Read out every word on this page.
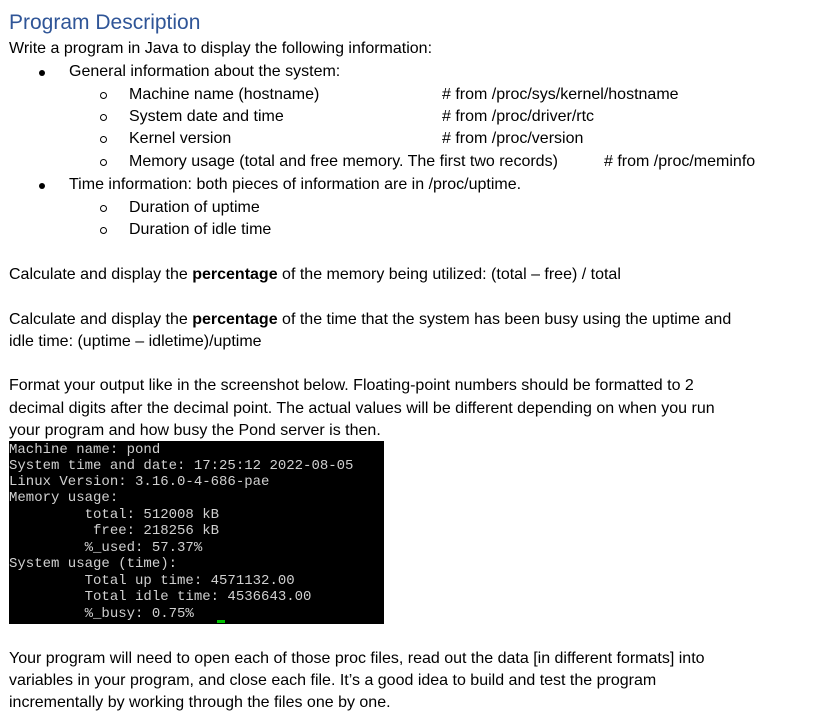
Program Description
Write a program in Java to display the following information:
General information about the system:
Machine name (hostname)	# from /proc/sys/kernel/hostname
System date and time	# from /proc/driver/rtc
Kernel version	# from /proc/version
Memory usage (total and free memory. The first two records)	# from /proc/meminfo
Time information: both pieces of information are in /proc/uptime.
Duration of uptime
Duration of idle time
Calculate and display the percentage of the memory being utilized: (total – free) / total
Calculate and display the percentage of the time that the system has been busy using the uptime and
idle time: (uptime – idletime)/uptime
Format your output like in the screenshot below. Floating-point numbers should be formatted to 2
decimal digits after the decimal point. The actual values will be different depending on when you run
your program and how busy the Pond server is then.
Machine name: pond
System time and date: 17:25:12 2022-08-05
Linux Version: 3.16.0-4-686-pae
Memory usage:
total: 512008 kB
free: 218256 kB
%_used: 57.37%
System usage (time):
Total up time: 4571132.00
Total idle time: 4536643.00
%_busy: 0.75%
Your program will need to open each of those proc files, read out the data [in different formats] into
variables in your program, and close each file. It’s a good idea to build and test the program
incrementally by working through the files one by one.
